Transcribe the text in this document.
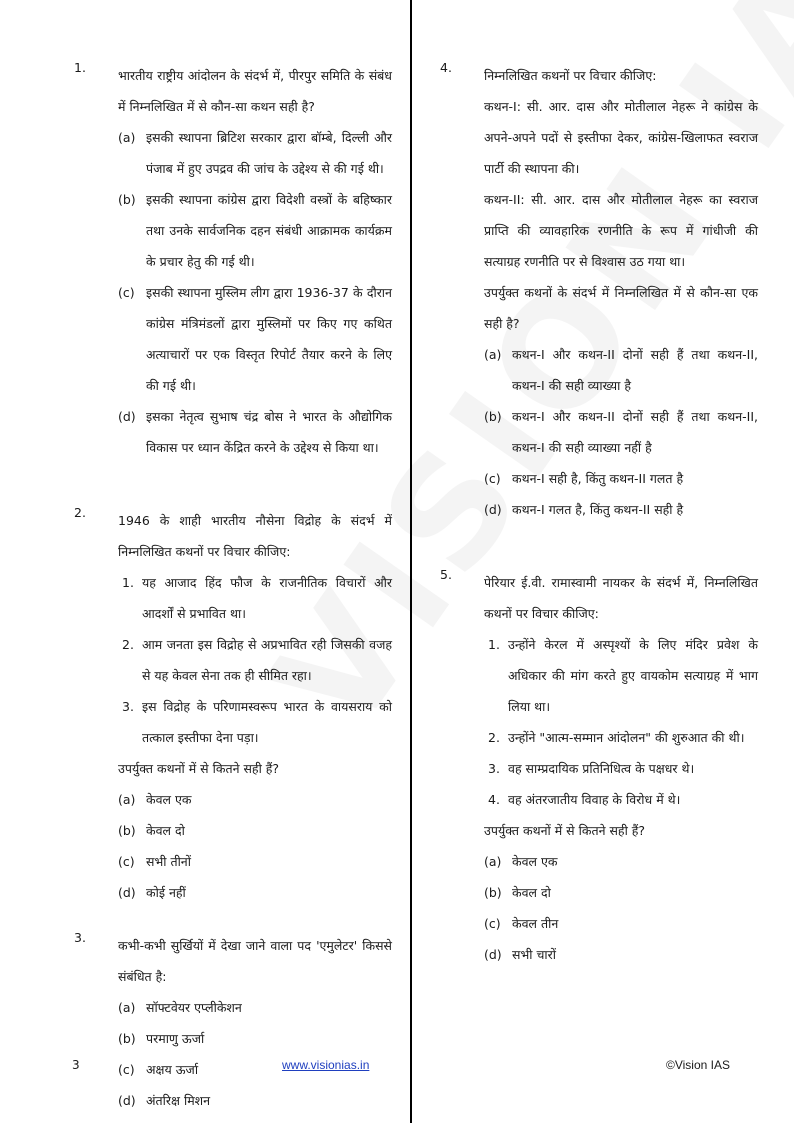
1.
भारतीय राष्ट्रीय आंदोलन के संदर्भ में, पीरपुर समिति के संबंध में निम्नलिखित में से कौन-सा कथन सही है?
(a) इसकी स्थापना ब्रिटिश सरकार द्वारा बॉम्बे, दिल्ली और पंजाब में हुए उपद्रव की जांच के उद्देश्य से की गई थी।
(b) इसकी स्थापना कांग्रेस द्वारा विदेशी वस्त्रों के बहिष्कार तथा उनके सार्वजनिक दहन संबंधी आक्रामक कार्यक्रम के प्रचार हेतु की गई थी।
(c) इसकी स्थापना मुस्लिम लीग द्वारा 1936-37 के दौरान कांग्रेस मंत्रिमंडलों द्वारा मुस्लिमों पर किए गए कथित अत्याचारों पर एक विस्तृत रिपोर्ट तैयार करने के लिए की गई थी।
(d) इसका नेतृत्व सुभाष चंद्र बोस ने भारत के औद्योगिक विकास पर ध्यान केंद्रित करने के उद्देश्य से किया था।
2.
1946 के शाही भारतीय नौसेना विद्रोह के संदर्भ में निम्नलिखित कथनों पर विचार कीजिए:
1. यह आजाद हिंद फौज के राजनीतिक विचारों और आदर्शों से प्रभावित था।
2. आम जनता इस विद्रोह से अप्रभावित रही जिसकी वजह से यह केवल सेना तक ही सीमित रहा।
3. इस विद्रोह के परिणामस्वरूप भारत के वायसराय को तत्काल इस्तीफा देना पड़ा।
उपर्युक्त कथनों में से कितने सही हैं?
(a) केवल एक
(b) केवल दो
(c) सभी तीनों
(d) कोई नहीं
3.
कभी-कभी सुर्खियों में देखा जाने वाला पद 'एमुलेटर' किससे संबंधित है:
(a) सॉफ्टवेयर एप्लीकेशन
(b) परमाणु ऊर्जा
(c) अक्षय ऊर्जा
(d) अंतरिक्ष मिशन
4.
निम्नलिखित कथनों पर विचार कीजिए:
कथन-I: सी. आर. दास और मोतीलाल नेहरू ने कांग्रेस के अपने-अपने पदों से इस्तीफा देकर, कांग्रेस-खिलाफत स्वराज पार्टी की स्थापना की।
कथन-II: सी. आर. दास और मोतीलाल नेहरू का स्वराज प्राप्ति की व्यावहारिक रणनीति के रूप में गांधीजी की सत्याग्रह रणनीति पर से विश्वास उठ गया था।
उपर्युक्त कथनों के संदर्भ में निम्नलिखित में से कौन-सा एक सही है?
(a) कथन-I और कथन-II दोनों सही हैं तथा कथन-II, कथन-I की सही व्याख्या है
(b) कथन-I और कथन-II दोनों सही हैं तथा कथन-II, कथन-I की सही व्याख्या नहीं है
(c) कथन-I सही है, किंतु कथन-II गलत है
(d) कथन-I गलत है, किंतु कथन-II सही है
5.
पेरियार ई.वी. रामास्वामी नायकर के संदर्भ में, निम्नलिखित कथनों पर विचार कीजिए:
1. उन्होंने केरल में अस्पृश्यों के लिए मंदिर प्रवेश के अधिकार की मांग करते हुए वायकोम सत्याग्रह में भाग लिया था।
2. उन्होंने "आत्म-सम्मान आंदोलन" की शुरुआत की थी।
3. वह साम्प्रदायिक प्रतिनिधित्व के पक्षधर थे।
4. वह अंतरजातीय विवाह के विरोध में थे।
उपर्युक्त कथनों में से कितने सही हैं?
(a) केवल एक
(b) केवल दो
(c) केवल तीन
(d) सभी चारों
3	www.visionias.in	©Vision IAS
